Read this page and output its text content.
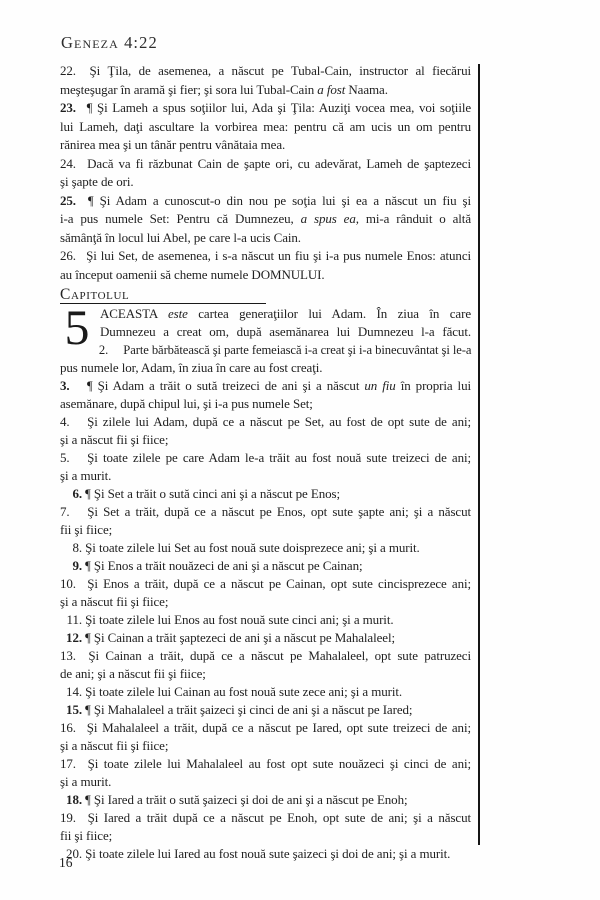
Geneza 4:22
22. Şi Ţila, de asemenea, a născut pe Tubal-Cain, instructor al fiecărui
meşteşugar în aramă şi fier; şi sora lui Tubal-Cain a fost Naama.
23. ¶ Şi Lameh a spus soţiilor lui, Ada şi Ţila: Auziţi vocea mea, voi soţiile
lui Lameh, daţi ascultare la vorbirea mea: pentru că am ucis un om pentru
rănirea mea şi un tânăr pentru vânătaia mea.
24. Dacă va fi răzbunat Cain de şapte ori, cu adevărat, Lameh de şaptezeci
şi şapte de ori.
25. ¶ Şi Adam a cunoscut-o din nou pe soţia lui şi ea a născut un fiu şi
i-a pus numele Set: Pentru că Dumnezeu, a spus ea, mi-a rânduit o altă
sămânţă în locul lui Abel, pe care l-a ucis Cain.
26. Şi lui Set, de asemenea, i s-a născut un fiu şi i-a pus numele Enos: atunci
au început oamenii să cheme numele DOMNULUI.
Capitolul
5 ACEASTA este cartea generaţiilor lui Adam. În ziua în care
Dumnezeu a creat om, după asemănarea lui Dumnezeu l-a făcut.
2. Parte bărbătească şi parte femeiască i-a creat şi i-a binecuvântat şi le-a
pus numele lor, Adam, în ziua în care au fost creaţi.
3. ¶ Şi Adam a trăit o sută treizeci de ani şi a născut un fiu în propria lui
asemănare, după chipul lui, şi i-a pus numele Set;
4. Şi zilele lui Adam, după ce a născut pe Set, au fost de opt sute de ani;
şi a născut fii şi fiice;
5. Şi toate zilele pe care Adam le-a trăit au fost nouă sute treizeci de ani;
şi a murit.
6. ¶ Şi Set a trăit o sută cinci ani şi a născut pe Enos;
7. Şi Set a trăit, după ce a născut pe Enos, opt sute şapte ani; şi a născut
fii şi fiice;
8. Şi toate zilele lui Set au fost nouă sute doisprezece ani; şi a murit.
9. ¶ Şi Enos a trăit nouăzeci de ani şi a născut pe Cainan;
10. Şi Enos a trăit, după ce a născut pe Cainan, opt sute cincisprezece ani;
şi a născut fii şi fiice;
11. Şi toate zilele lui Enos au fost nouă sute cinci ani; şi a murit.
12. ¶ Şi Cainan a trăit şaptezeci de ani şi a născut pe Mahalaleel;
13. Şi Cainan a trăit, după ce a născut pe Mahalaleel, opt sute patruzeci
de ani; şi a născut fii şi fiice;
14. Şi toate zilele lui Cainan au fost nouă sute zece ani; şi a murit.
15. ¶ Şi Mahalaleel a trăit şaizeci şi cinci de ani şi a născut pe Iared;
16. Şi Mahalaleel a trăit, după ce a născut pe Iared, opt sute treizeci de ani;
şi a născut fii şi fiice;
17. Şi toate zilele lui Mahalaleel au fost opt sute nouăzeci şi cinci de ani;
şi a murit.
18. ¶ Şi Iared a trăit o sută şaizeci şi doi de ani şi a născut pe Enoh;
19. Şi Iared a trăit după ce a născut pe Enoh, opt sute de ani; şi a născut
fii şi fiice;
20. Şi toate zilele lui Iared au fost nouă sute şaizeci şi doi de ani; şi a murit.
16
